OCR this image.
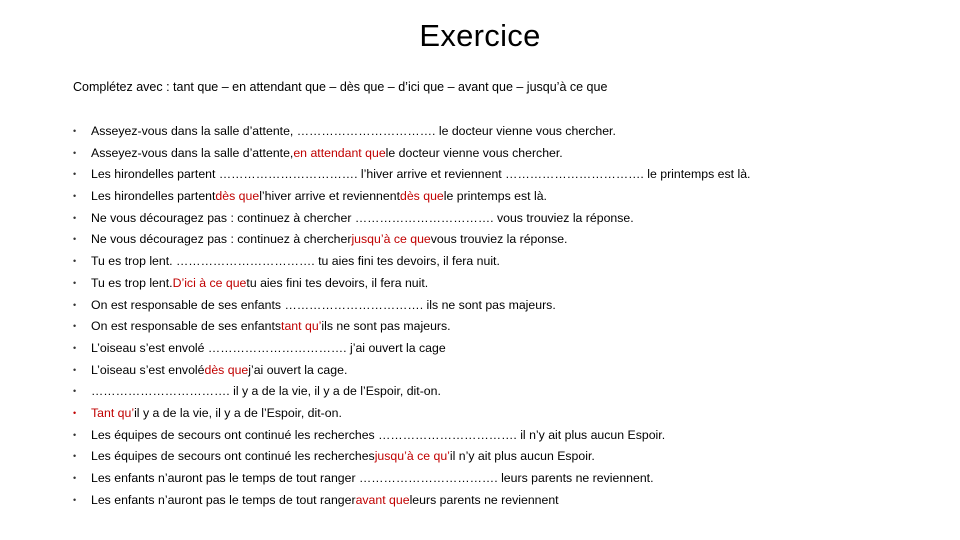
Exercice
Complétez avec : tant que – en attendant que – dès que – d’ici que – avant que – jusqu’à ce que
•	Asseyez-vous dans la salle d’attente, ……………………………. le docteur vienne vous chercher.
•	Asseyez-vous dans la salle d’attente, en attendant que le docteur vienne vous chercher.
•	Les hirondelles partent ……………………………. l’hiver arrive et reviennent ……………………………. le printemps est là.
•	Les hirondelles partent dès que l’hiver arrive et reviennent dès que le printemps est là.
•	Ne vous découragez pas : continuez à chercher ……………………………. vous trouviez la réponse.
•	Ne vous découragez pas : continuez à chercher jusqu’à ce que vous trouviez la réponse.
•	Tu es trop lent. ……………………………. tu aies fini tes devoirs, il fera nuit.
•	Tu es trop lent. D’ici à ce que tu aies fini tes devoirs, il fera nuit.
•	On est responsable de ses enfants ……………………………. ils ne sont pas majeurs.
•	On est responsable de ses enfants tant qu’ ils ne sont pas majeurs.
•	L’oiseau s’est envolé ……………………………. j’ai ouvert la cage
•	L’oiseau s’est envolé dès que j’ai ouvert la cage.
•	……………………………. il y a de la vie, il y a de l’Espoir, dit-on.
•	Tant qu’ il y a de la vie, il y a de l’Espoir, dit-on.
•	Les équipes de secours ont continué les recherches ……………………………. il n’y ait plus aucun Espoir.
•	Les équipes de secours ont continué les recherches jusqu’à ce qu’ il n’y ait plus aucun Espoir.
•	Les enfants n’auront pas le temps de tout ranger ……………………………. leurs parents ne reviennent.
•	Les enfants n’auront pas le temps de tout ranger avant que leurs parents ne reviennent
